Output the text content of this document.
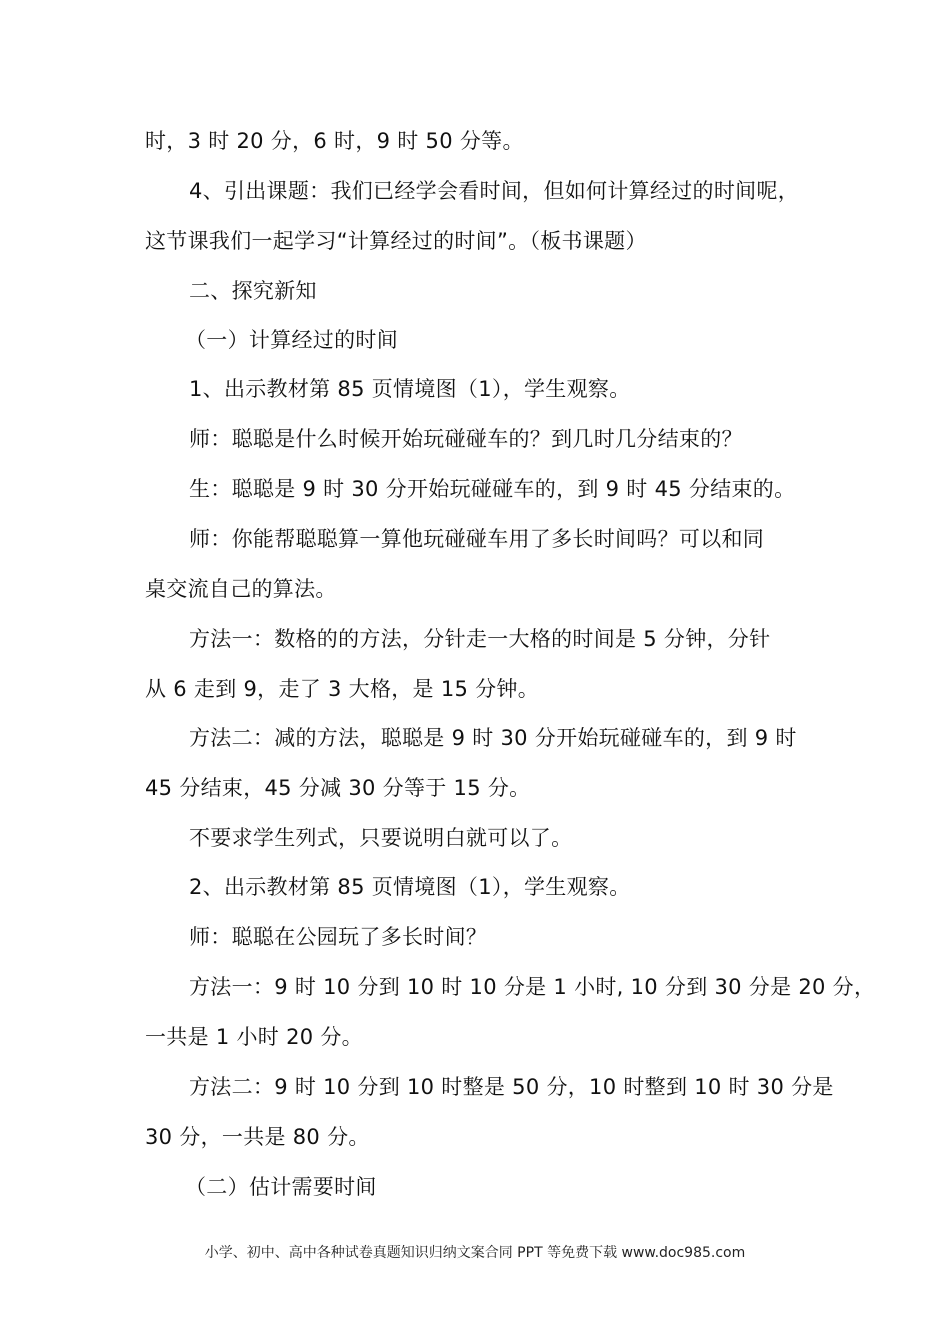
时，3 时 20 分，6 时，9 时 50 分等。
4、引出课题：我们已经学会看时间，但如何计算经过的时间呢，
这节课我们一起学习“计算经过的时间”。（板书课题）
二、探究新知
（一）计算经过的时间
1、出示教材第 85 页情境图（1），学生观察。
师：聪聪是什么时候开始玩碰碰车的？到几时几分结束的？
生：聪聪是 9 时 30 分开始玩碰碰车的，到 9 时 45 分结束的。
师：你能帮聪聪算一算他玩碰碰车用了多长时间吗？可以和同
桌交流自己的算法。
方法一：数格的的方法，分针走一大格的时间是 5 分钟，分针
从 6 走到 9，走了 3 大格，是 15 分钟。
方法二：减的方法，聪聪是 9 时 30 分开始玩碰碰车的，到 9 时
45 分结束，45 分减 30 分等于 15 分。
不要求学生列式，只要说明白就可以了。
2、出示教材第 85 页情境图（1），学生观察。
师：聪聪在公园玩了多长时间？
方法一：9 时 10 分到 10 时 10 分是 1 小时, 10 分到 30 分是 20 分，
一共是 1 小时 20 分。
方法二：9 时 10 分到 10 时整是 50 分，10 时整到 10 时 30 分是
30 分，一共是 80 分。
（二）估计需要时间
小学、初中、高中各种试卷真题知识归纳文案合同 PPT 等免费下载 www.doc985.com
